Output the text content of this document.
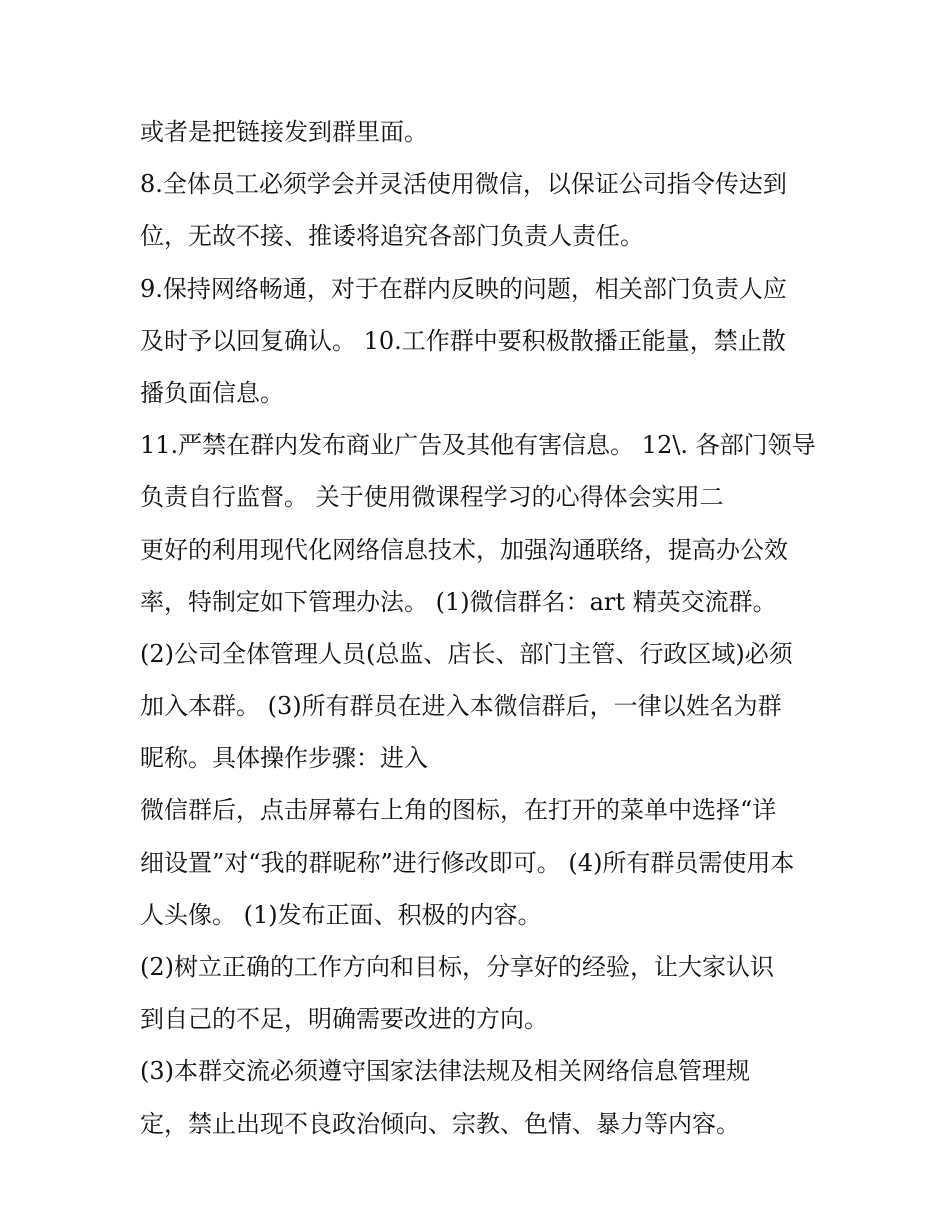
或者是把链接发到群里面。
8.全体员工必须学会并灵活使用微信，以保证公司指令传达到
位，无故不接、推诿将追究各部门负责人责任。
9.保持网络畅通，对于在群内反映的问题，相关部门负责人应
及时予以回复确认。 10.工作群中要积极散播正能量，禁止散
播负面信息。
11.严禁在群内发布商业广告及其他有害信息。 12\. 各部门领导
负责自行监督。 关于使用微课程学习的心得体会实用二
更好的利用现代化网络信息技术，加强沟通联络，提高办公效
率，特制定如下管理办法。 (1)微信群名：art 精英交流群。
(2)公司全体管理人员(总监、店长、部门主管、行政区域)必须
加入本群。 (3)所有群员在进入本微信群后，一律以姓名为群
昵称。具体操作步骤：进入
微信群后，点击屏幕右上角的图标，在打开的菜单中选择“详
细设置”对“我的群昵称”进行修改即可。 (4)所有群员需使用本
人头像。 (1)发布正面、积极的内容。
(2)树立正确的工作方向和目标，分享好的经验，让大家认识
到自己的不足，明确需要改进的方向。
(3)本群交流必须遵守国家法律法规及相关网络信息管理规
定，禁止出现不良政治倾向、宗教、色情、暴力等内容。
